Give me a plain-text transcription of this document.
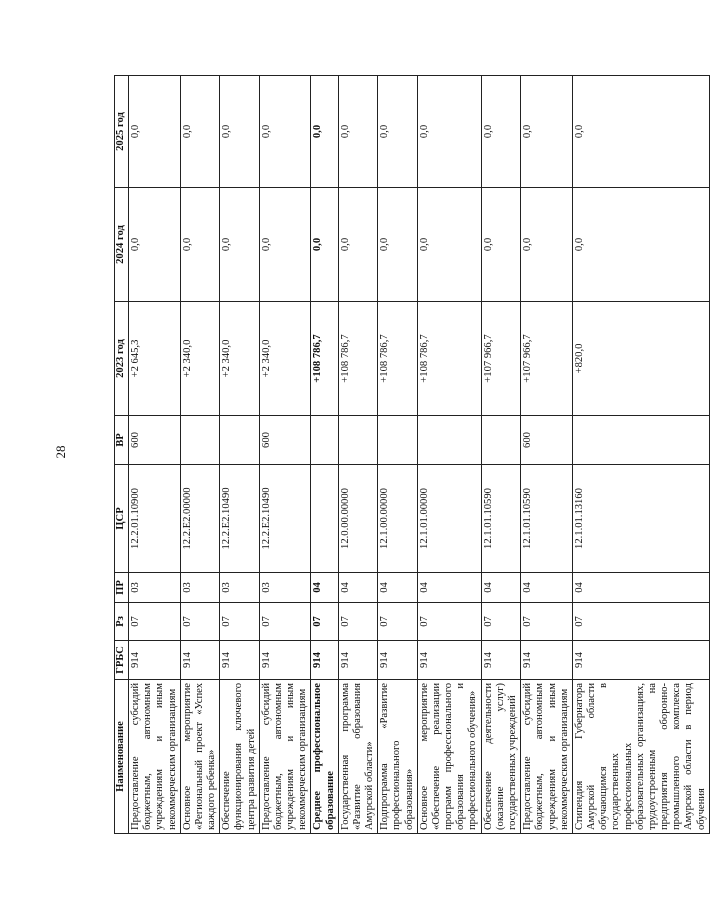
28
Наименование	ГРБС	Рз	ПР	ЦСР	ВР	2023 год	2024 год	2025 год
Предоставление субсидий бюджетным, автономным учреждениям и иным некоммерческим организациям	914	07	03	12.2.01.10900	600	+2 645,3	0,0	0,0
Основное мероприятие «Региональный проект «Успех каждого ребенка»	914	07	03	12.2.Е2.00000		+2 340,0	0,0	0,0
Обеспечение функционирования ключевого центра развития детей	914	07	03	12.2.Е2.10490		+2 340,0	0,0	0,0
Предоставление субсидий бюджетным, автономным учреждениям и иным некоммерческим организациям	914	07	03	12.2.Е2.10490	600	+2 340,0	0,0	0,0
Среднее профессиональное образование	914	07	04			+108 786,7	0,0	0,0
Государственная программа «Развитие образования Амурской области»	914	07	04	12.0.00.00000		+108 786,7	0,0	0,0
Подпрограмма «Развитие профессионального образования»	914	07	04	12.1.00.00000		+108 786,7	0,0	0,0
Основное мероприятие «Обеспечение реализации программ профессионального образования и профессионального обучения»	914	07	04	12.1.01.00000		+108 786,7	0,0	0,0
Обеспечение деятельности (оказание услуг) государственных учреждений	914	07	04	12.1.01.10590		+107 966,7	0,0	0,0
Предоставление субсидий бюджетным, автономным учреждениям и иным некоммерческим организациям	914	07	04	12.1.01.10590	600	+107 966,7	0,0	0,0
Стипендия Губернатора Амурской области обучающимся в государственных профессиональных образовательных организациях, трудоустроенным на предприятия оборонно-промышленного комплекса Амурской области в период обучения	914	07	04	12.1.01.13160		+820,0	0,0	0,0
